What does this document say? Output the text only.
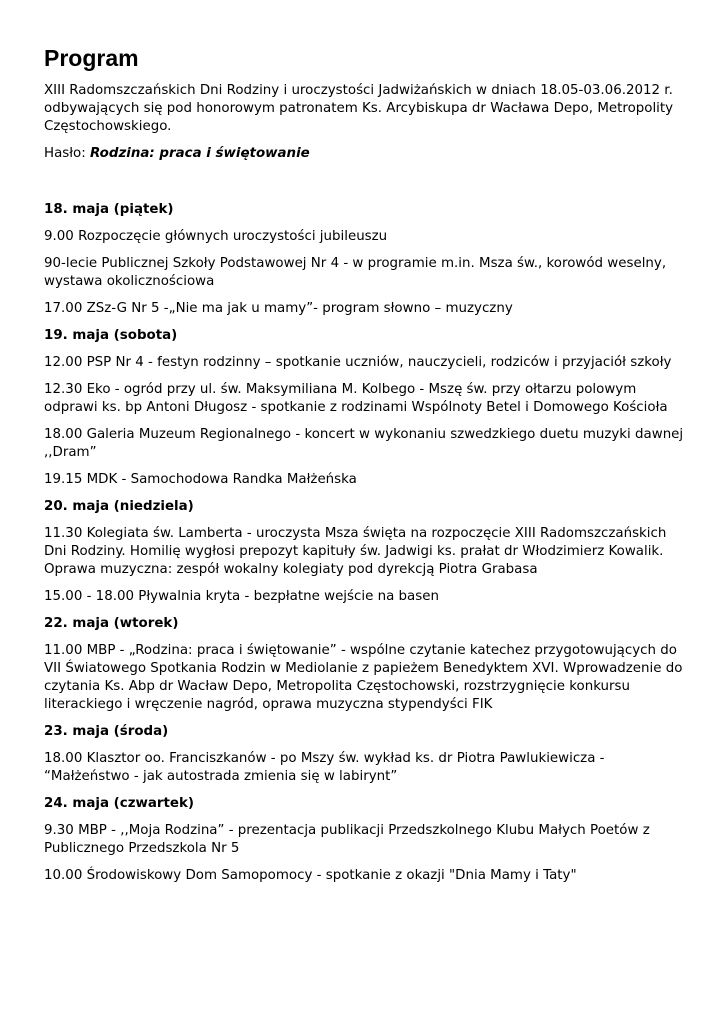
Program

XIII Radomszczańskich Dni Rodziny i uroczystości Jadwiżańskich w dniach 18.05-03.06.2012 r. odbywających się pod honorowym patronatem Ks. Arcybiskupa dr Wacława Depo, Metropolity Częstochowskiego.

Hasło: Rodzina: praca i świętowanie

18. maja (piątek)

9.00 Rozpoczęcie głównych uroczystości jubileuszu

90-lecie Publicznej Szkoły Podstawowej Nr 4 - w programie m.in. Msza św., korowód weselny, wystawa okolicznościowa

17.00 ZSz-G Nr 5 -„Nie ma jak u mamy”- program słowno – muzyczny

19. maja (sobota)

12.00 PSP Nr 4 - festyn rodzinny – spotkanie uczniów, nauczycieli, rodziców i przyjaciół szkoły

12.30 Eko - ogród przy ul. św. Maksymiliana M. Kolbego - Mszę św. przy ołtarzu polowym odprawi ks. bp Antoni Długosz - spotkanie z rodzinami Wspólnoty Betel i Domowego Kościoła

18.00 Galeria Muzeum Regionalnego - koncert w wykonaniu szwedzkiego duetu muzyki dawnej ,,Dram”

19.15 MDK - Samochodowa Randka Małżeńska

20. maja (niedziela)

11.30 Kolegiata św. Lamberta - uroczysta Msza święta na rozpoczęcie XIII Radomszczańskich Dni Rodziny. Homilię wygłosi prepozyt kapituły św. Jadwigi ks. prałat dr Włodzimierz Kowalik. Oprawa muzyczna: zespół wokalny kolegiaty pod dyrekcją Piotra Grabasa

15.00 - 18.00 Pływalnia kryta - bezpłatne wejście na basen

22. maja (wtorek)

11.00 MBP - „Rodzina: praca i świętowanie” - wspólne czytanie katechez przygotowujących do VII Światowego Spotkania Rodzin w Mediolanie z papieżem Benedyktem XVI. Wprowadzenie do czytania Ks. Abp dr Wacław Depo, Metropolita Częstochowski, rozstrzygnięcie konkursu literackiego i wręczenie nagród, oprawa muzyczna stypendyści FIK

23. maja (środa)

18.00 Klasztor oo. Franciszkanów - po Mszy św. wykład ks. dr Piotra Pawlukiewicza - “Małżeństwo - jak autostrada zmienia się w labirynt”

24. maja (czwartek)

9.30 MBP - ,,Moja Rodzina” - prezentacja publikacji Przedszkolnego Klubu Małych Poetów z Publicznego Przedszkola Nr 5

10.00 Środowiskowy Dom Samopomocy - spotkanie z okazji "Dnia Mamy i Taty"
